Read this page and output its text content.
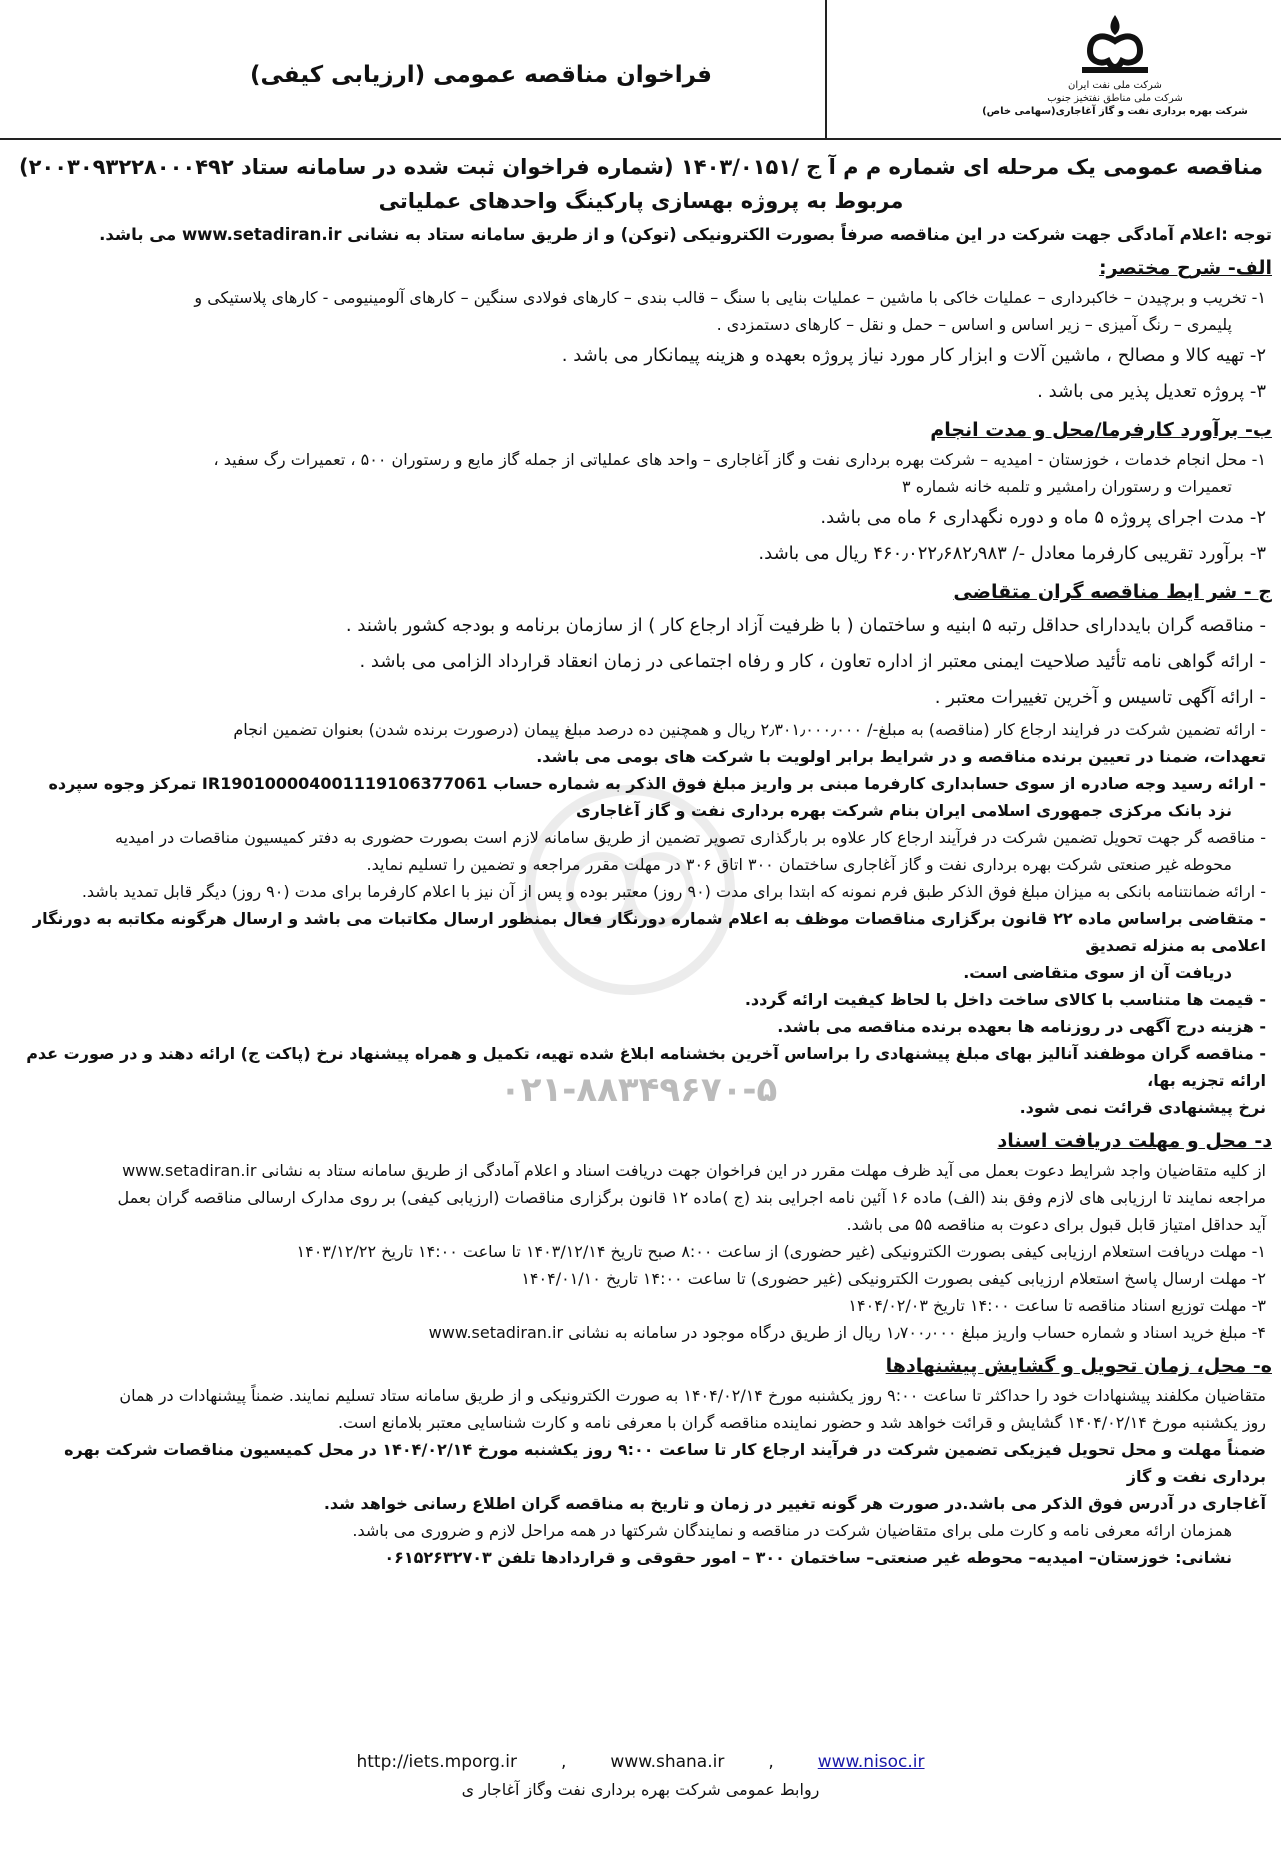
فراخوان مناقصه عمومی (ارزیابی کیفی)	شرکت ملی نفت ایران
شرکت ملی مناطق نفتخیز جنوب
شرکت بهره برداری نفت و گاز آغاجاری(سهامی خاص)
۰۲۱-۸۸۳۴۹۶۷۰-۵
مناقصه عمومی یک مرحله ای شماره م م آ ج /۱۴۰۳/۰۱۵۱ (شماره فراخوان ثبت شده در سامانه ستاد ۲۰۰۳۰۹۳۲۲۸۰۰۰۴۹۲)
مربوط به پروژه بهسازی پارکینگ واحدهای عملیاتی
توجه :اعلام آمادگی جهت شرکت در این مناقصه صرفاً بصورت الکترونیکی (توکن) و از طریق سامانه ستاد به نشانی www.setadiran.ir می باشد.
الف- شرح مختصر:
۱- تخریب و برچیدن – خاکبرداری – عملیات خاکی با ماشین – عملیات بنایی با سنگ – قالب بندی – کارهای فولادی سنگین – کارهای آلومینیومی - کارهای پلاستیکی و
پلیمری – رنگ آمیزی – زیر اساس و اساس – حمل و نقل – کارهای دستمزدی .
۲- تهیه کالا و مصالح ، ماشین آلات و ابزار کار مورد نیاز پروژه بعهده و هزینه پیمانکار می باشد .
۳- پروژه تعدیل پذیر می باشد .
ب- برآورد کارفرما/محل و مدت انجام
۱- محل انجام خدمات ، خوزستان - امیدیه – شرکت بهره برداری نفت و گاز آغاجاری – واحد های عملیاتی از جمله گاز مایع و رستوران ۵۰۰ ، تعمیرات رگ سفید ،
تعمیرات و رستوران رامشیر و تلمبه خانه شماره ۳
۲- مدت اجرای پروژه ۵ ماه و دوره نگهداری ۶ ماه می باشد.
۳- برآورد تقریبی کارفرما معادل -/ ۴۶۰٫۰۲۲٫۶۸۲٫۹۸۳ ریال می باشد.
ج - شر ایط مناقصه گران متقاضی
- مناقصه گران بایددارای حداقل رتبه ۵ ابنیه و ساختمان ( با ظرفیت آزاد ارجاع کار ) از سازمان برنامه و بودجه کشور باشند .
- ارائه گواهی نامه تأئید صلاحیت ایمنی معتبر از اداره تعاون ، کار و رفاه اجتماعی در زمان انعقاد قرارداد الزامی می باشد .
- ارائه آگهی تاسیس و آخرین تغییرات معتبر .
- ارائه تضمین شرکت در فرایند ارجاع کار (مناقصه) به مبلغ-/ ۲٫۳۰۱٫۰۰۰٫۰۰۰ ریال و همچنین ده درصد مبلغ پیمان (درصورت برنده شدن) بعنوان تضمین انجام
تعهدات، ضمنا در تعیین برنده مناقصه و در شرایط برابر اولویت با شرکت های بومی می باشد.
- ارائه رسید وجه صادره از سوی حسابداری کارفرما مبنی بر واریز مبلغ فوق الذکر به شماره حساب IR190100004001119106377061 تمرکز وجوه سپرده
نزد بانک مرکزی جمهوری اسلامی ایران بنام شرکت بهره برداری نفت و گاز آغاجاری
- مناقصه گر جهت تحویل تضمین شرکت در فرآیند ارجاع کار علاوه بر بارگذاری تصویر تضمین از طریق سامانه لازم است بصورت حضوری به دفتر کمیسیون مناقصات در امیدیه
محوطه غیر صنعتی شرکت بهره برداری نفت و گاز آغاجاری ساختمان ۳۰۰ اتاق ۳۰۶ در مهلت مقرر مراجعه و تضمین را تسلیم نماید.
- ارائه ضمانتنامه بانکی به میزان مبلغ فوق الذکر طبق فرم نمونه که ابتدا برای مدت (۹۰ روز) معتبر بوده و پس از آن نیز با اعلام کارفرما برای مدت (۹۰ روز) دیگر قابل تمدید باشد.
- متقاضی براساس ماده ۲۲ قانون برگزاری مناقصات موظف به اعلام شماره دورنگار فعال بمنظور ارسال مکاتبات می باشد و ارسال هرگونه مکاتبه به دورنگار اعلامی به منزله تصدیق
دریافت آن از سوی متقاضی است.
- قیمت ها متناسب با کالای ساخت داخل با لحاظ کیفیت ارائه گردد.
- هزینه درج آگهی در روزنامه ها بعهده برنده مناقصه می باشد.
- مناقصه گران موظفند آنالیز بهای مبلغ پیشنهادی را براساس آخرین بخشنامه ابلاغ شده تهیه، تکمیل و همراه پیشنهاد نرخ (پاکت ج) ارائه دهند و در صورت عدم ارائه تجزیه بها،
نرخ پیشنهادی قرائت نمی شود.
د- محل و مهلت دریافت اسناد
از کلیه متقاضیان واجد شرایط دعوت بعمل می آید ظرف مهلت مقرر در این فراخوان جهت دریافت اسناد و اعلام آمادگی از طریق سامانه ستاد به نشانی www.setadiran.ir
مراجعه نمایند تا ارزیابی های لازم وفق بند (الف) ماده ۱۶ آئین نامه اجرایی بند (ج )ماده ۱۲ قانون برگزاری مناقصات (ارزیابی کیفی) بر روی مدارک ارسالی مناقصه گران بعمل
آید حداقل امتیاز قابل قبول برای دعوت به مناقصه ۵۵ می باشد.
۱- مهلت دریافت استعلام ارزیابی کیفی بصورت الکترونیکی (غیر حضوری) از ساعت ۸:۰۰ صبح تاریخ ۱۴۰۳/۱۲/۱۴ تا ساعت ۱۴:۰۰ تاریخ ۱۴۰۳/۱۲/۲۲
۲- مهلت ارسال پاسخ استعلام ارزیابی کیفی بصورت الکترونیکی (غیر حضوری) تا ساعت ۱۴:۰۰ تاریخ ۱۴۰۴/۰۱/۱۰
۳- مهلت توزیع اسناد مناقصه تا ساعت ۱۴:۰۰ تاریخ ۱۴۰۴/۰۲/۰۳
۴- مبلغ خرید اسناد و شماره حساب واریز مبلغ ۱٫۷۰۰٫۰۰۰ ریال از طریق درگاه موجود در سامانه به نشانی www.setadiran.ir
ه- محل، زمان تحویل و گشایش پیشنهادها
متقاضیان مکلفند پیشنهادات خود را حداکثر تا ساعت ۹:۰۰ روز یکشنبه مورخ ۱۴۰۴/۰۲/۱۴ به صورت الکترونیکی و از طریق سامانه ستاد تسلیم نمایند. ضمناً پیشنهادات در همان
روز یکشنبه مورخ ۱۴۰۴/۰۲/۱۴ گشایش و قرائت خواهد شد و حضور نماینده مناقصه گران با معرفی نامه و کارت شناسایی معتبر بلامانع است.
ضمناً مهلت و محل تحویل فیزیکی تضمین شرکت در فرآیند ارجاع کار تا ساعت ۹:۰۰ روز یکشنبه مورخ ۱۴۰۴/۰۲/۱۴ در محل کمیسیون مناقصات شرکت بهره برداری نفت و گاز
آغاجاری در آدرس فوق الذکر می باشد.در صورت هر گونه تغییر در زمان و تاریخ به مناقصه گران اطلاع رسانی خواهد شد.
همزمان ارائه معرفی نامه و کارت ملی برای متقاضیان شرکت در مناقصه و نمایندگان شرکتها در همه مراحل لازم و ضروری می باشد.
نشانی: خوزستان– امیدیه– محوطه غیر صنعتی– ساختمان ۳۰۰ – امور حقوقی و قراردادها تلفن ۰۶۱۵۲۶۳۲۷۰۳
http://iets.mporg.ir	,	www.shana.ir	,	www.nisoc.ir
روابط عمومی شرکت بهره برداری نفت وگاز آغاجار ی
